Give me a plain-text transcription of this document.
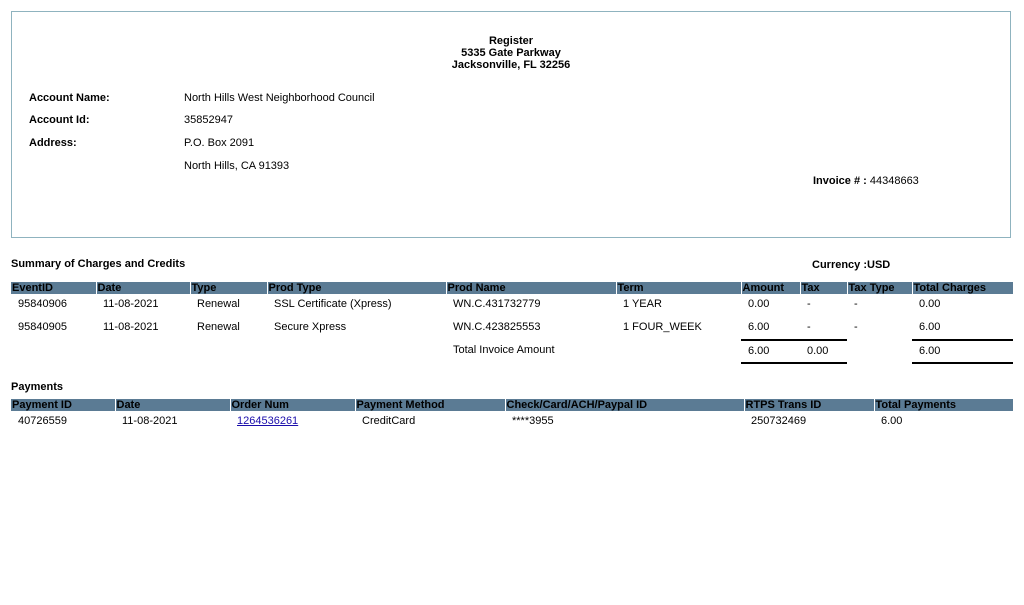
Register
5335 Gate Parkway
Jacksonville, FL 32256
Account Name:	North Hills West Neighborhood Council
Account Id:	35852947
Address:	P.O. Box 2091
North Hills, CA 91393
Invoice # : 44348663
Summary of Charges and Credits	Currency :USD
EventID	Date	Type	Prod Type	Prod Name	Term	Amount	Tax	Tax Type	Total Charges
95840906	11-08-2021	Renewal	SSL Certificate (Xpress)	WN.C.431732779	1 YEAR	0.00	-	-	0.00
95840905	11-08-2021	Renewal	Secure Xpress	WN.C.423825553	1 FOUR_WEEK	6.00	-	-	6.00
				Total Invoice Amount		6.00	0.00		6.00
Payments
Payment ID	Date	Order Num	Payment Method	Check/Card/ACH/Paypal ID	RTPS Trans ID	Total Payments
40726559	11-08-2021	1264536261	CreditCard	****3955	250732469	6.00
